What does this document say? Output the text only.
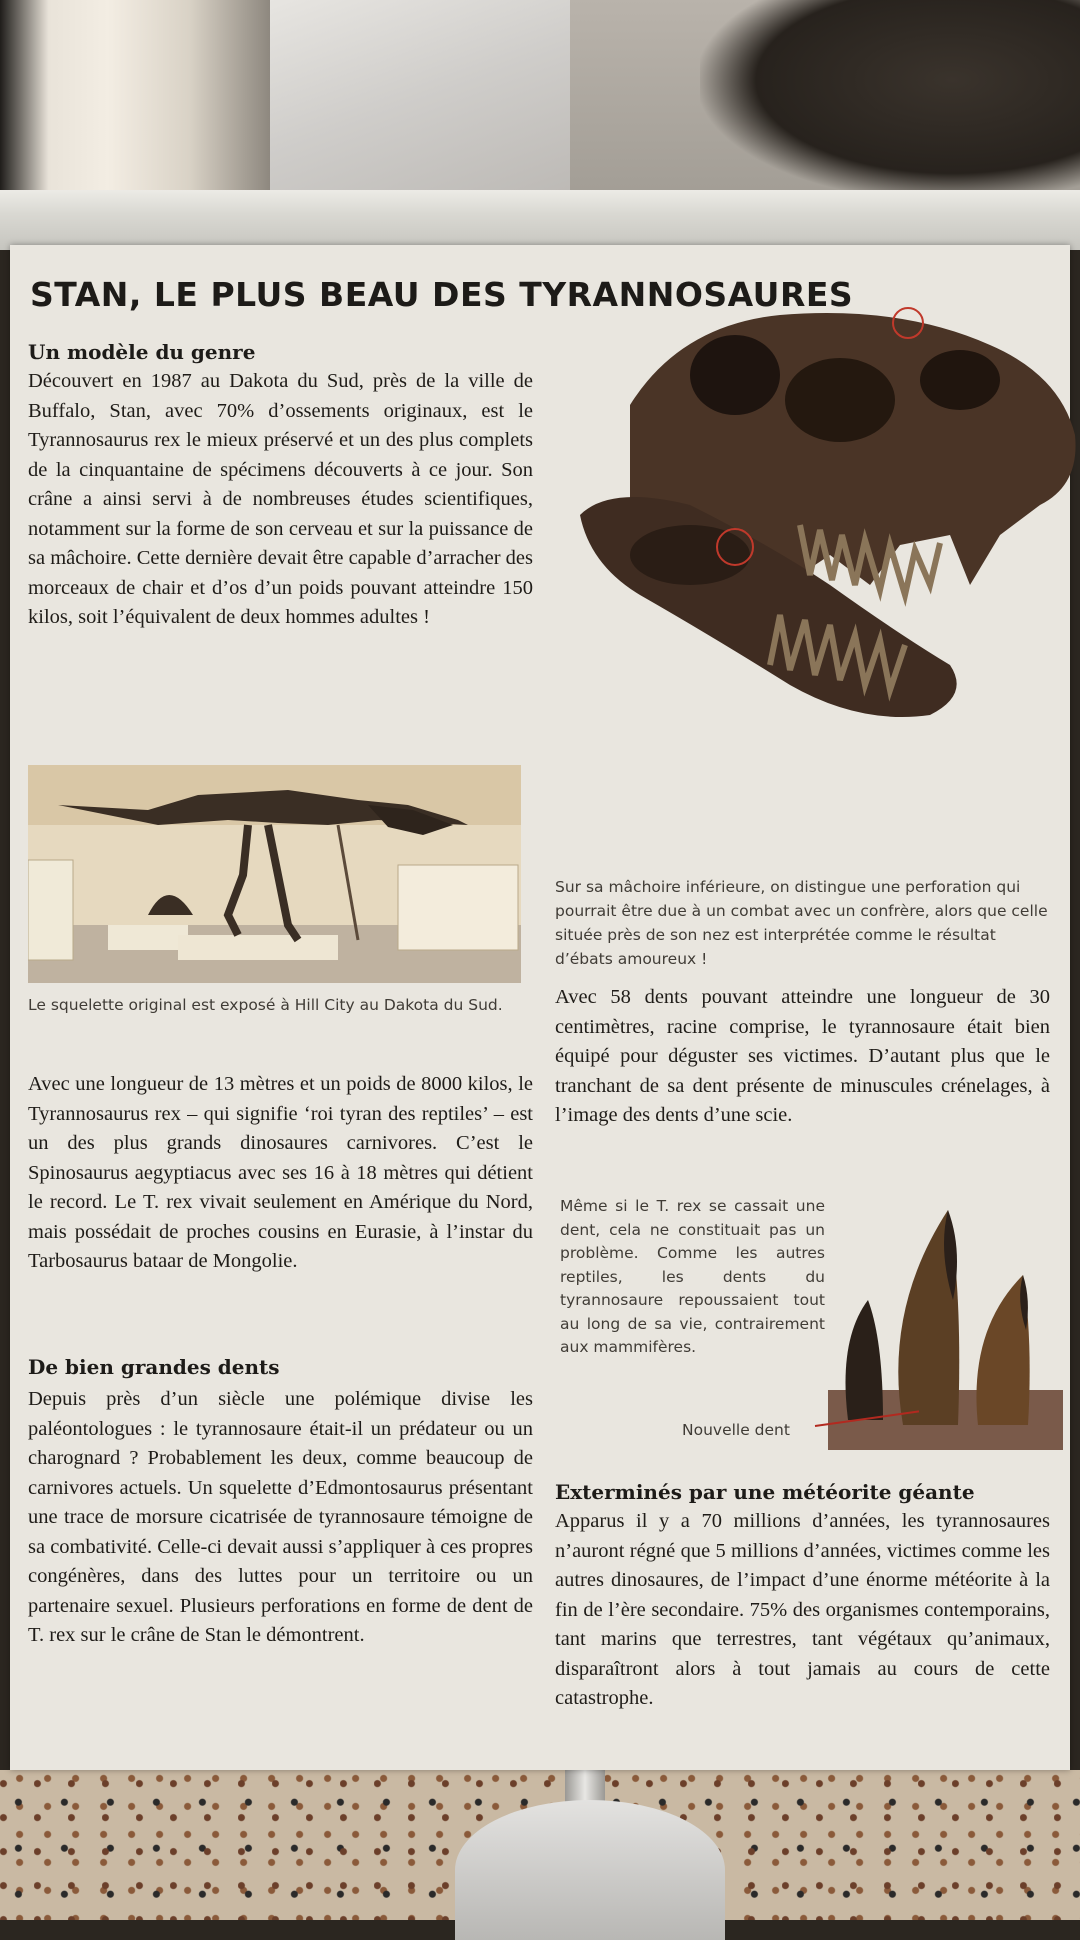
STAN, LE PLUS BEAU DES TYRANNOSAURES

Un modèle du genre

Découvert en 1987 au Dakota du Sud, près de la ville de Buffalo, Stan, avec 70% d’ossements originaux, est le Tyrannosaurus rex le mieux préservé et un des plus complets de la cinquantaine de spécimens découverts à ce jour. Son crâne a ainsi servi à de nombreuses études scientifiques, notamment sur la forme de son cerveau et sur la puissance de sa mâchoire. Cette dernière devait être capable d’arracher des morceaux de chair et d’os d’un poids pouvant atteindre 150 kilos, soit l’équivalent de deux hommes adultes !

Le squelette original est exposé à Hill City au Dakota du Sud.

Avec une longueur de 13 mètres et un poids de 8000 kilos, le Tyrannosaurus rex – qui signifie ‘roi tyran des reptiles’ – est un des plus grands dinosaures carnivores. C’est le Spinosaurus aegyptiacus avec ses 16 à 18 mètres qui détient le record. Le T. rex vivait seulement en Amérique du Nord, mais possédait de proches cousins en Eurasie, à l’instar du Tarbosaurus bataar de Mongolie.

De bien grandes dents

Depuis près d’un siècle une polémique divise les paléontologues : le tyrannosaure était-il un prédateur ou un charognard ? Probablement les deux, comme beaucoup de carnivores actuels. Un squelette d’Edmontosaurus présentant une trace de morsure cicatrisée de tyrannosaure témoigne de sa combativité. Celle-ci devait aussi s’appliquer à ces propres congénères, dans des luttes pour un territoire ou un partenaire sexuel. Plusieurs perforations en forme de dent de T. rex sur le crâne de Stan le démontrent.

Sur sa mâchoire inférieure, on distingue une perforation qui pourrait être due à un combat avec un confrère, alors que celle située près de son nez est interprétée comme le résultat d’ébats amoureux !

Avec 58 dents pouvant atteindre une longueur de 30 centimètres, racine comprise, le tyrannosaure était bien équipé pour déguster ses victimes. D’autant plus que le tranchant de sa dent présente de minuscules crénelages, à l’image des dents d’une scie.

Même si le T. rex se cassait une dent, cela ne constituait pas un problème. Comme les autres reptiles, les dents du tyrannosaure repoussaient tout au long de sa vie, contrairement aux mammifères.

Nouvelle dent

Exterminés par une météorite géante

Apparus il y a 70 millions d’années, les tyrannosaures n’auront régné que 5 millions d’années, victimes comme les autres dinosaures, de l’impact d’une énorme météorite à la fin de l’ère secondaire. 75% des organismes contemporains, tant marins que terrestres, tant végétaux qu’animaux, disparaîtront alors à tout jamais au cours de cette catastrophe.
